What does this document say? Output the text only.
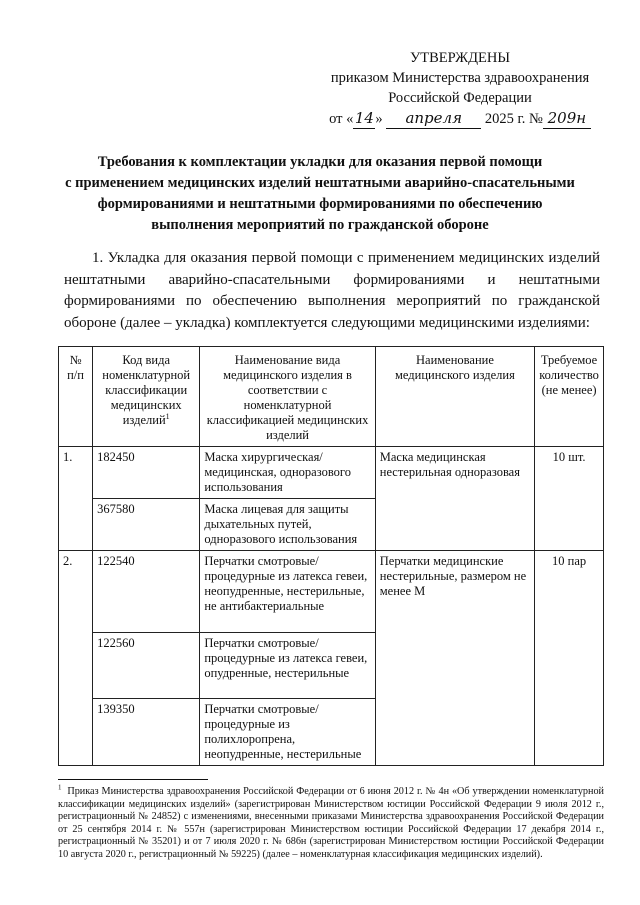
УТВЕРЖДЕНЫ
приказом Министерства здравоохранения
Российской Федерации
от «14» апреля 2025 г. № 209н
Требования к комплектации укладки для оказания первой помощи
с применением медицинских изделий нештатными аварийно-спасательными
формированиями и нештатными формированиями по обеспечению
выполнения мероприятий по гражданской обороне

1. Укладка для оказания первой помощи с применением медицинских изделий нештатными аварийно-спасательными формированиями и нештатными формированиями по обеспечению выполнения мероприятий по гражданской обороне (далее – укладка) комплектуется следующими медицинскими изделиями:

№ п/п	Код вида номенклатурной классификации медицинских изделий$^1$	Наименование вида медицинского изделия в соответствии с номенклатурной классификацией медицинских изделий	Наименование медицинского изделия	Требуемое количество (не менее)
1.	182450	Маска хирургическая/ медицинская, одноразового использования	Маска медицинская нестерильная одноразовая	10 шт.
	367580	Маска лицевая для защиты дыхательных путей, одноразового использования		
2.	122540	Перчатки смотровые/ процедурные из латекса гевеи, неопудренные, нестерильные, не антибактериальные	Перчатки медицинские нестерильные, размером не менее M	10 пар
	122560	Перчатки смотровые/ процедурные из латекса гевеи, опудренные, нестерильные		
	139350	Перчатки смотровые/ процедурные из полихлоропрена, неопудренные, нестерильные		

$^1$ Приказ Министерства здравоохранения Российской Федерации от 6 июня 2012 г. № 4н «Об утверждении номенклатурной классификации медицинских изделий» (зарегистрирован Министерством юстиции Российской Федерации 9 июля 2012 г., регистрационный № 24852) с изменениями, внесенными приказами Министерства здравоохранения Российской Федерации от 25 сентября 2014 г. № 557н (зарегистрирован Министерством юстиции Российской Федерации 17 декабря 2014 г., регистрационный № 35201) и от 7 июля 2020 г. № 686н (зарегистрирован Министерством юстиции Российской Федерации 10 августа 2020 г., регистрационный № 59225) (далее – номенклатурная классификация медицинских изделий).
